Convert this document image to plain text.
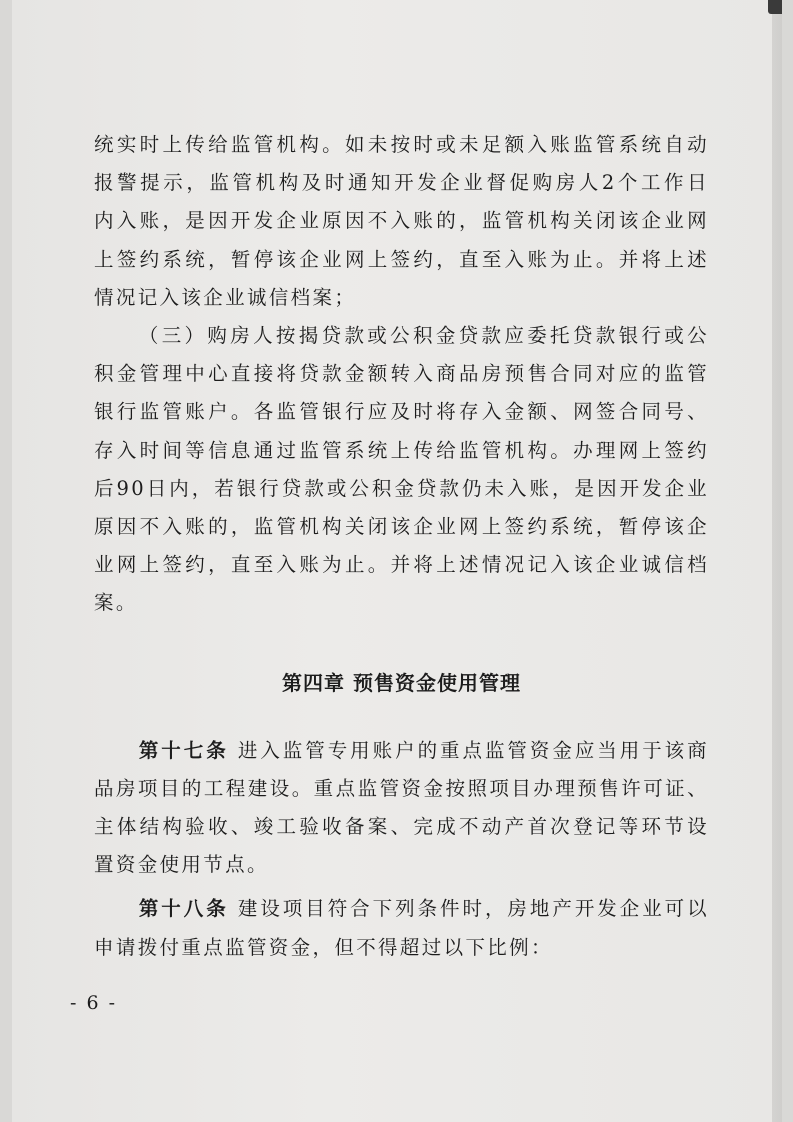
统实时上传给监管机构。如未按时或未足额入账监管系统自动

报警提示，监管机构及时通知开发企业督促购房人2个工作日

内入账，是因开发企业原因不入账的，监管机构关闭该企业网

上签约系统，暂停该企业网上签约，直至入账为止。并将上述

情况记入该企业诚信档案；

（三）购房人按揭贷款或公积金贷款应委托贷款银行或公

积金管理中心直接将贷款金额转入商品房预售合同对应的监管

银行监管账户。各监管银行应及时将存入金额、网签合同号、

存入时间等信息通过监管系统上传给监管机构。办理网上签约

后90日内，若银行贷款或公积金贷款仍未入账，是因开发企业

原因不入账的，监管机构关闭该企业网上签约系统，暂停该企

业网上签约，直至入账为止。并将上述情况记入该企业诚信档

案。

第四章 预售资金使用管理

第十七条 进入监管专用账户的重点监管资金应当用于该商

品房项目的工程建设。重点监管资金按照项目办理预售许可证、

主体结构验收、竣工验收备案、完成不动产首次登记等环节设

置资金使用节点。

第十八条 建设项目符合下列条件时，房地产开发企业可以

申请拨付重点监管资金，但不得超过以下比例：

- 6 -
